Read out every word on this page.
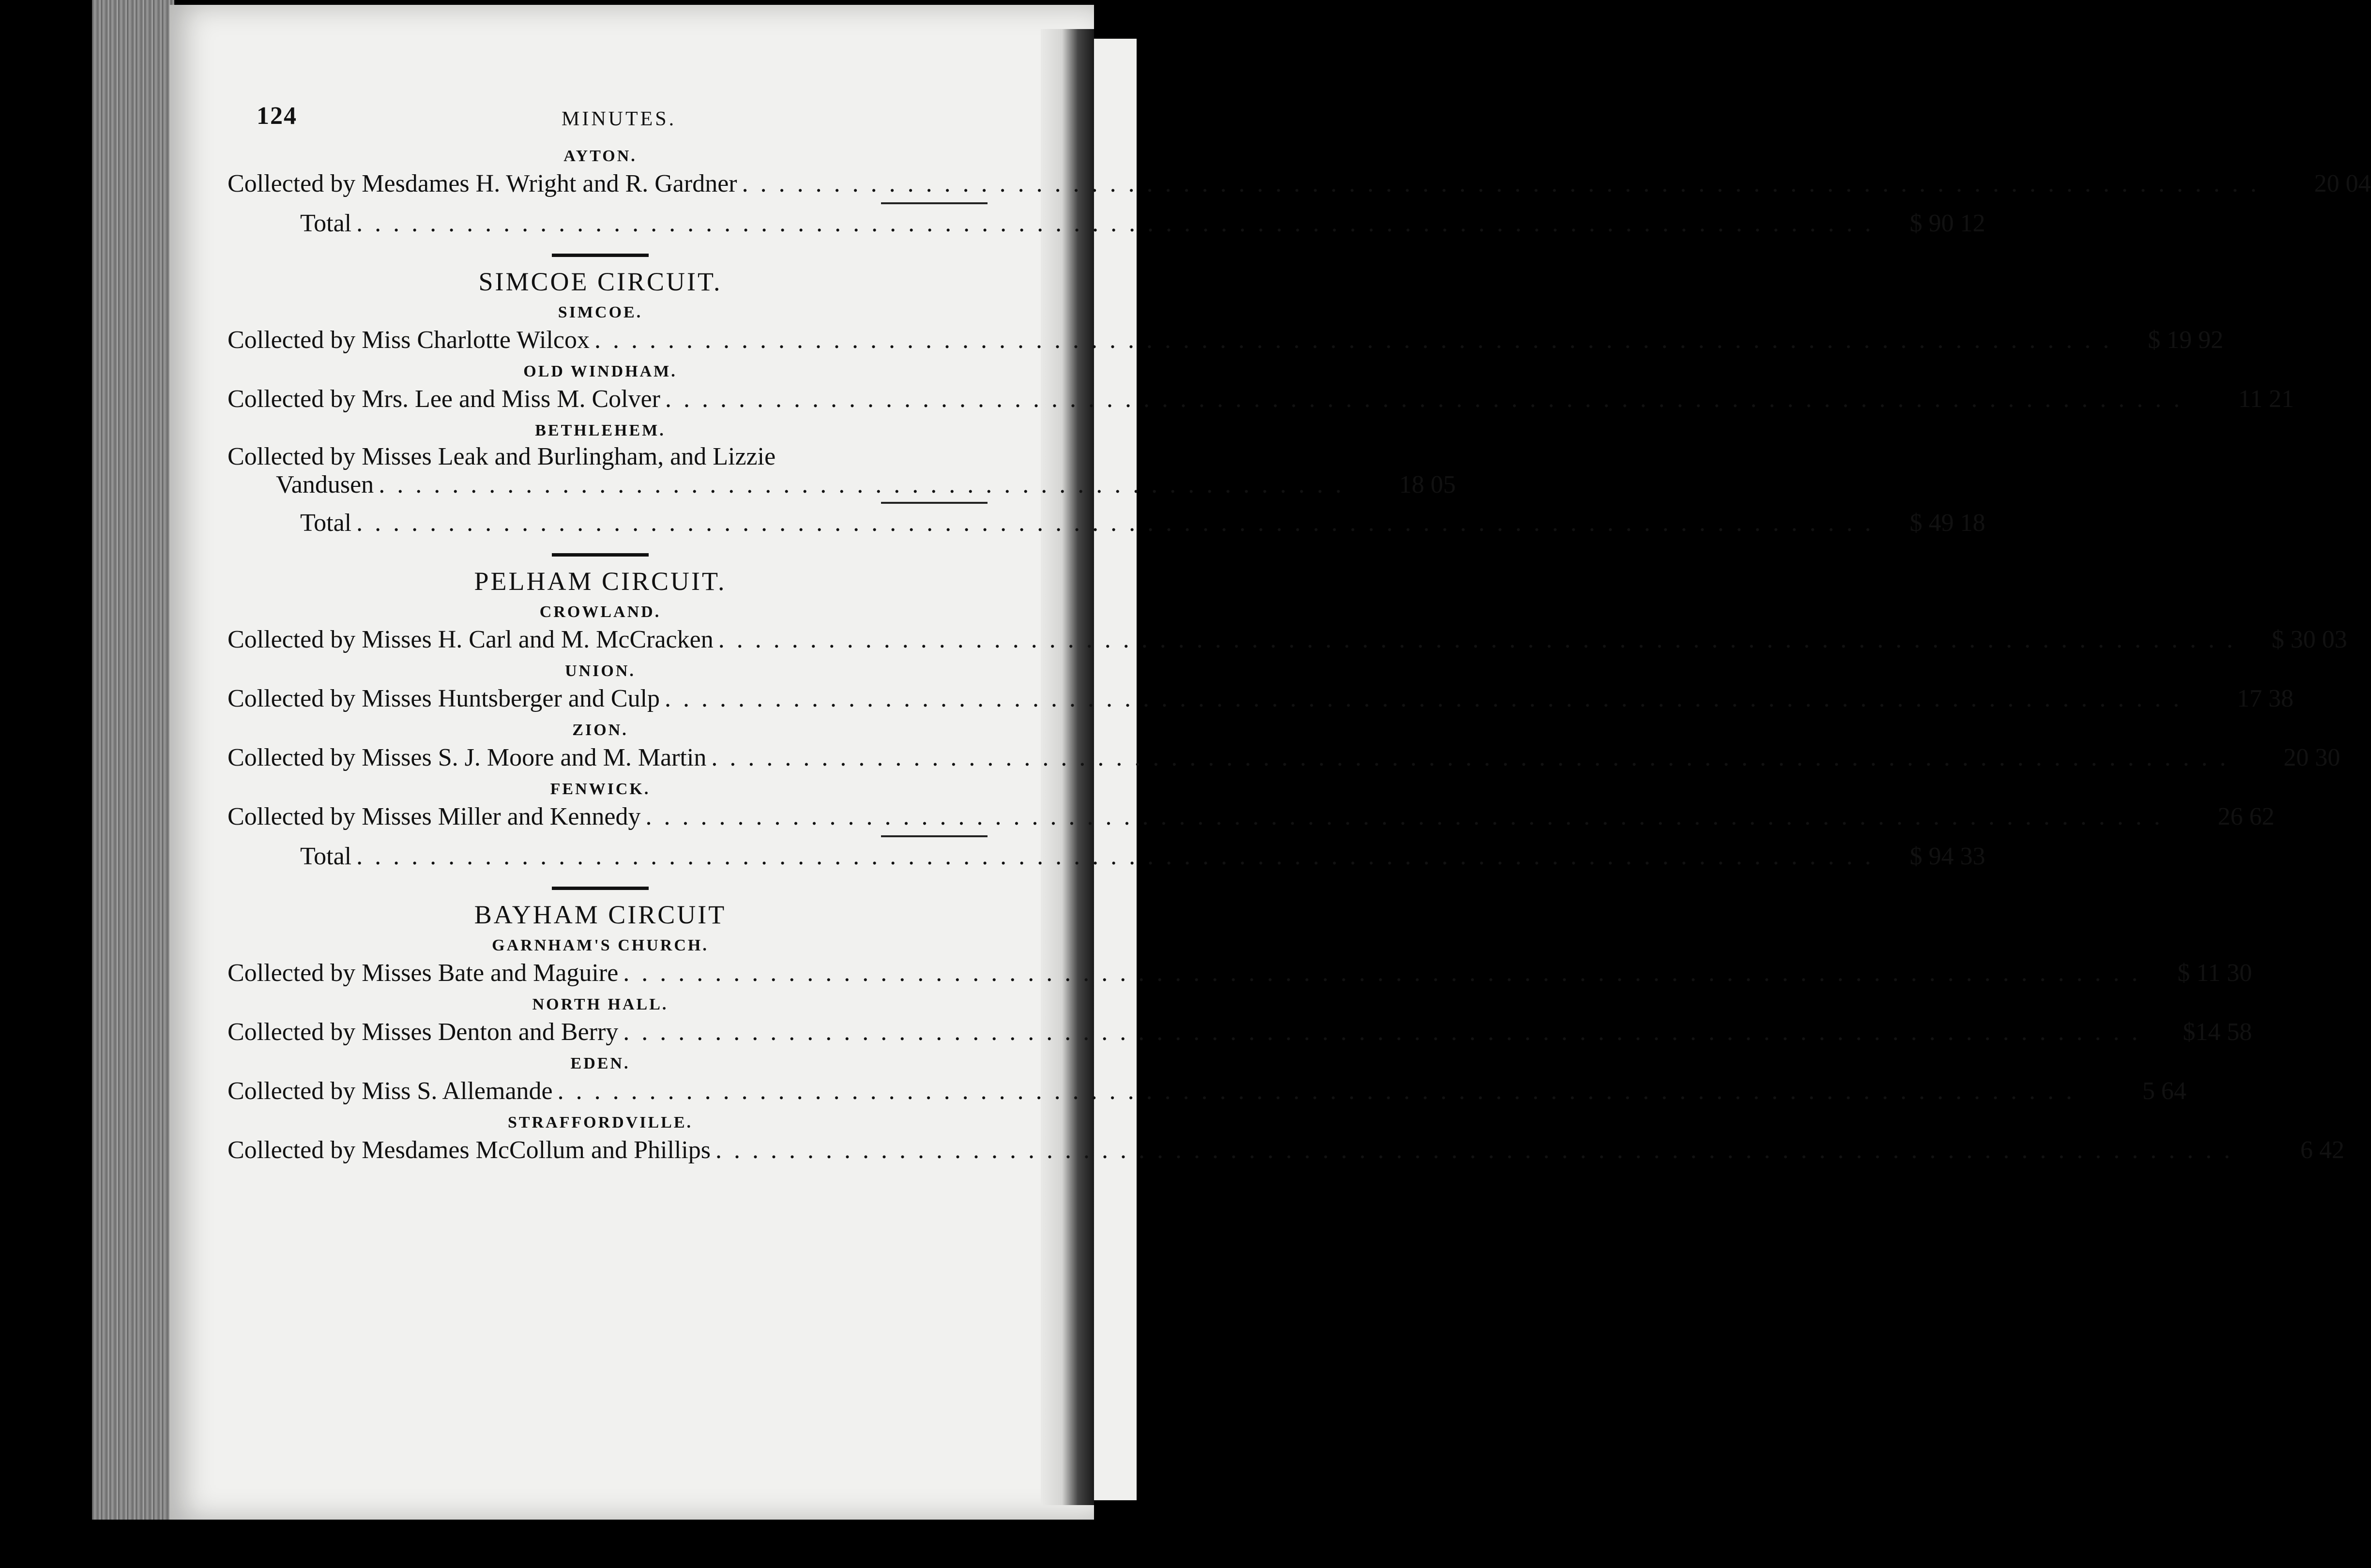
124	MINUTES.
AYTON.
Collected by Mesdames H. Wright and R. Gardner . . .	20 04
Total . . .	$ 90 12
SIMCOE CIRCUIT.
SIMCOE.
Collected by Miss Charlotte Wilcox . . .	$ 19 92
OLD WINDHAM.
Collected by Mrs. Lee and Miss M. Colver . . .	11 21
BETHLEHEM.
Collected by Misses Leak and Burlingham, and Lizzie
Vandusen . . . . . . . . . . . . . . . . . . . . . . . . . . . . . . . . . . . . . . . . . . . . . . . . . . . . .	18 05
Total . . .	$ 49 18
PELHAM CIRCUIT.
CROWLAND.
Collected by Misses H. Carl and M. McCracken . . .	$ 30 03
UNION.
Collected by Misses Huntsberger and Culp . . .	17 38
ZION.
Collected by Misses S. J. Moore and M. Martin . . .	20 30
FENWICK.
Collected by Misses Miller and Kennedy . . .	26 62
Total . . .	$ 94 33
BAYHAM CIRCUIT
GARNHAM'S CHURCH.
Collected by Misses Bate and Maguire . . .	$ 11 30
NORTH HALL.
Collected by Misses Denton and Berry . . .	$14 58
EDEN.
Collected by Miss S. Allemande . . .	5 64
STRAFFORDVILLE.
Collected by Mesdames McCollum and Phillips . . .	6 42
